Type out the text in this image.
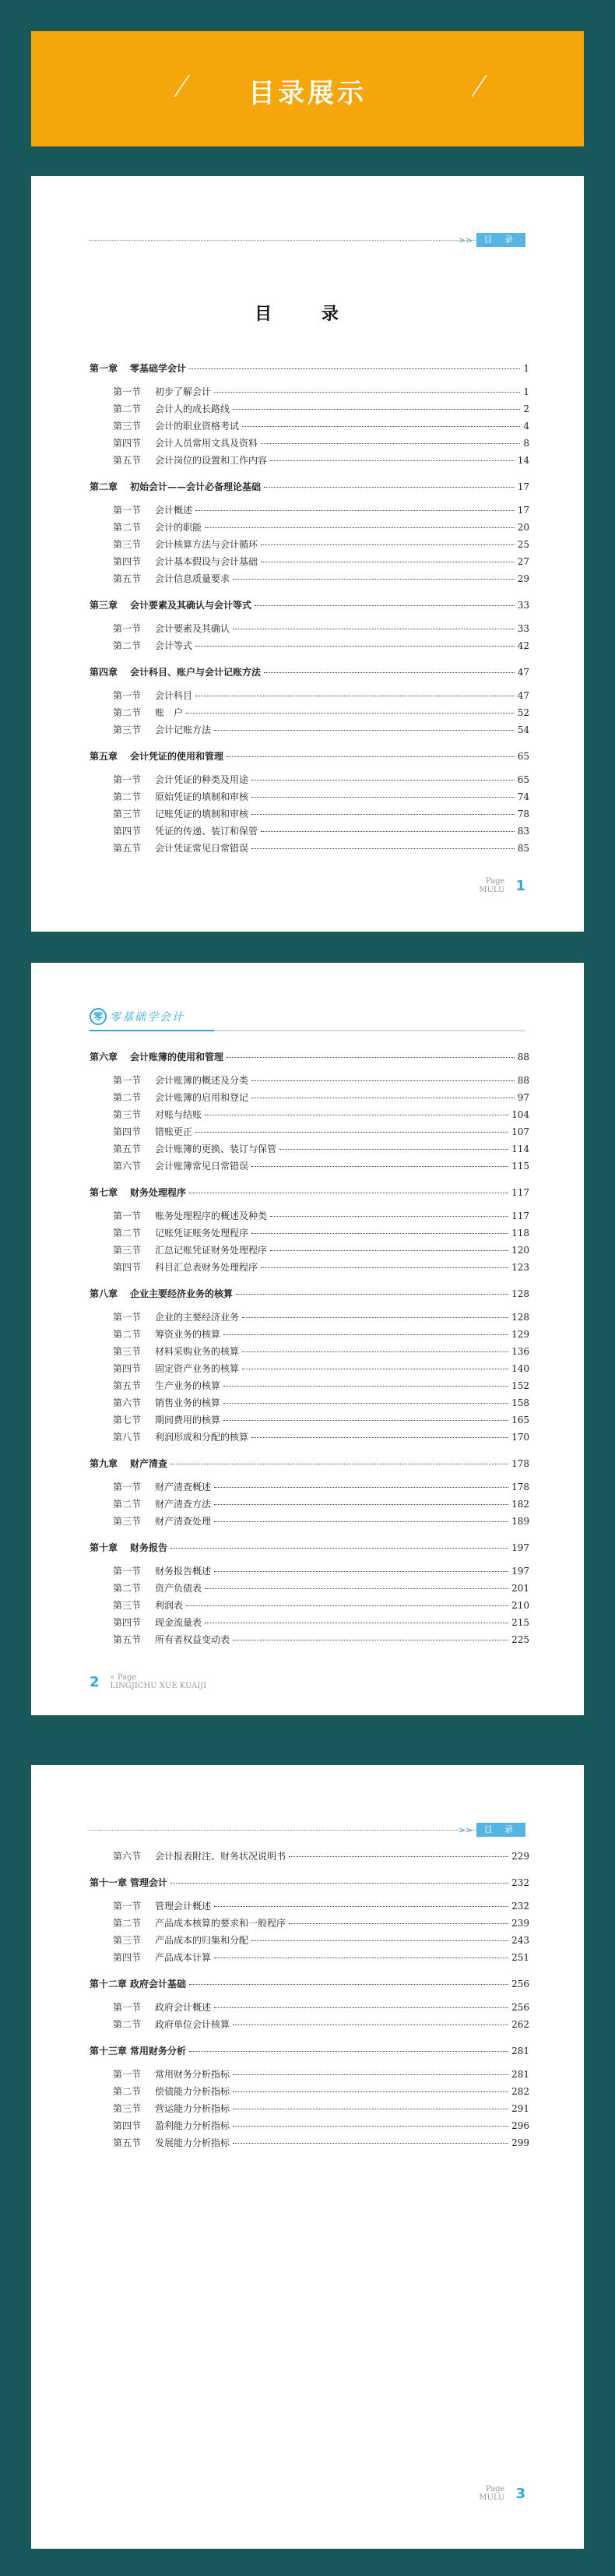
/	目录展示	/
>>	目 录
目 录
第一章	零基础学会计	1
第一节	初步了解会计	1
第二节	会计人的成长路线	2
第三节	会计的职业资格考试	4
第四节	会计人员常用文具及资料	8
第五节	会计岗位的设置和工作内容	14
第二章	初始会计——会计必备理论基础	17
第一节	会计概述	17
第二节	会计的职能	20
第三节	会计核算方法与会计循环	25
第四节	会计基本假设与会计基础	27
第五节	会计信息质量要求	29
第三章	会计要素及其确认与会计等式	33
第一节	会计要素及其确认	33
第二节	会计等式	42
第四章	会计科目、账户与会计记账方法	47
第一节	会计科目	47
第二节	账　户	52
第三节	会计记账方法	54
第五章	会计凭证的使用和管理	65
第一节	会计凭证的种类及用途	65
第二节	原始凭证的填制和审核	74
第三节	记账凭证的填制和审核	78
第四节	凭证的传递、装订和保管	83
第五节	会计凭证常见日常错误	85
Page
MULU 1
零 零基础学会计
第六章	会计账簿的使用和管理	88
第一节	会计账簿的概述及分类	88
第二节	会计账簿的启用和登记	97
第三节	对账与结账	104
第四节	错账更正	107
第五节	会计账簿的更换、装订与保管	114
第六节	会计账簿常见日常错误	115
第七章	财务处理程序	117
第一节	账务处理程序的概述及种类	117
第二节	记账凭证账务处理程序	118
第三节	汇总记账凭证财务处理程序	120
第四节	科目汇总表财务处理程序	123
第八章	企业主要经济业务的核算	128
第一节	企业的主要经济业务	128
第二节	筹资业务的核算	129
第三节	材料采购业务的核算	136
第四节	固定资产业务的核算	140
第五节	生产业务的核算	152
第六节	销售业务的核算	158
第七节	期间费用的核算	165
第八节	利润形成和分配的核算	170
第九章	财产清查	178
第一节	财产清查概述	178
第二节	财产清查方法	182
第三节	财产清查处理	189
第十章	财务报告	197
第一节	财务报告概述	197
第二节	资产负债表	201
第三节	利润表	210
第四节	现金流量表	215
第五节	所有者权益变动表	225
2 « Page
LINGJICHU XUE KUAIJI
>>	目 录
第六节	会计报表附注、财务状况说明书	229
第十一章 管理会计	232
第一节	管理会计概述	232
第二节	产品成本核算的要求和一般程序	239
第三节	产品成本的归集和分配	243
第四节	产品成本计算	251
第十二章 政府会计基础	256
第一节	政府会计概述	256
第二节	政府单位会计核算	262
第十三章 常用财务分析	281
第一节	常用财务分析指标	281
第二节	偿债能力分析指标	282
第三节	营运能力分析指标	291
第四节	盈利能力分析指标	296
第五节	发展能力分析指标	299
Page
MULU 3
